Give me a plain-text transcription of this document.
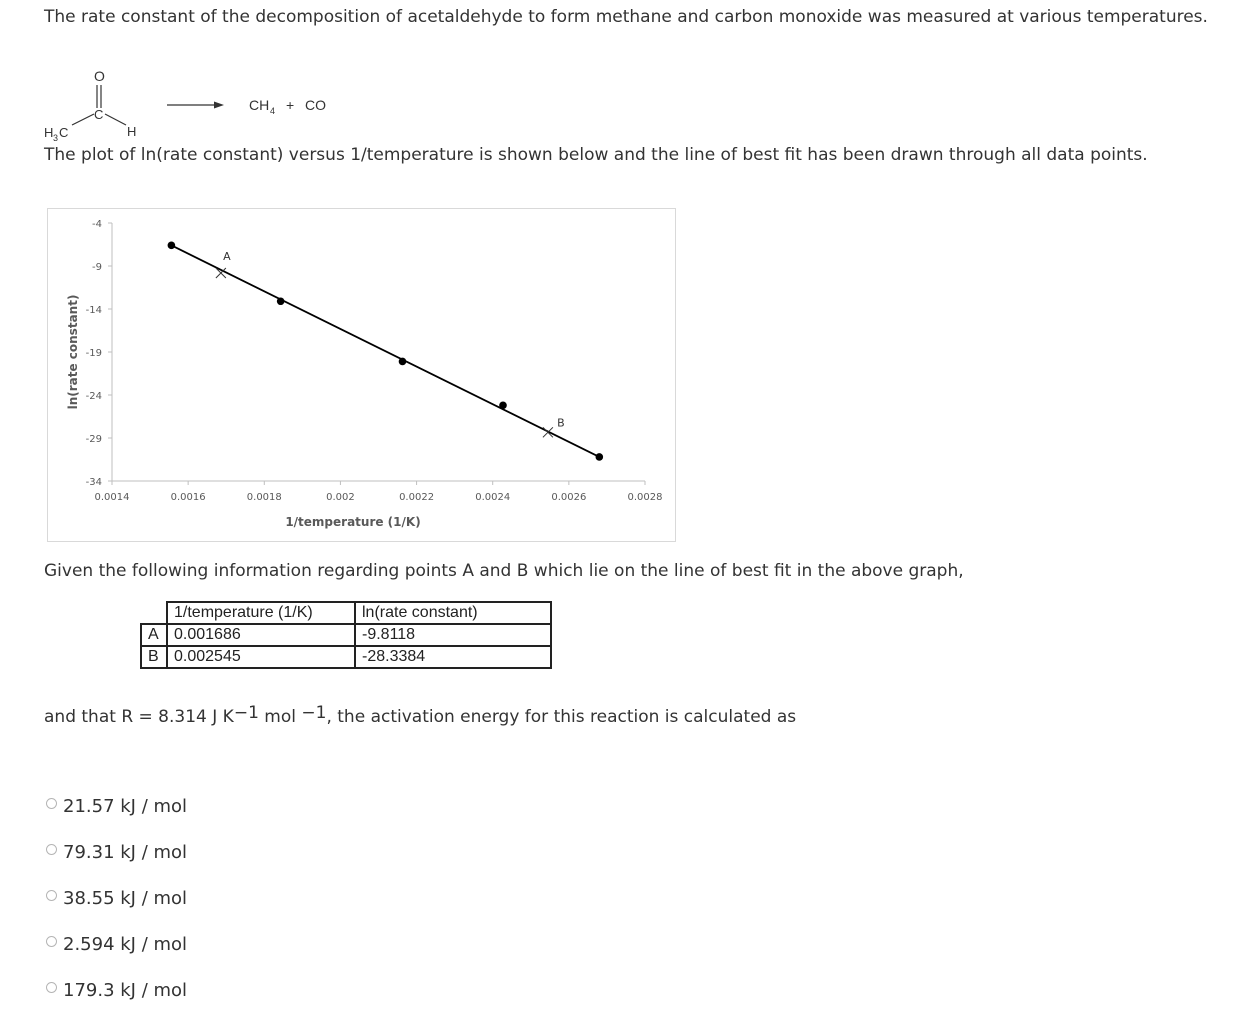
The rate constant of the decomposition of acetaldehyde to form methane and carbon monoxide was measured at various temperatures.
O
C
H 3 C	H
CH 4 + CO
The plot of ln(rate constant) versus 1/temperature is shown below and the line of best fit has been drawn through all data points.
0.0014	0.0016	0.0018	0.002	0.0022	0.0024	0.0026	0.0028
-4
-9
-14
-19
-24
-29
-34
A
B
1/temperature (1/K)
ln(rate constant)
Given the following information regarding points A and B which lie on the line of best fit in the above graph,
	1/temperature (1/K)	ln(rate constant)
A	0.001686	-9.8118
B	0.002545	-28.3384
and that R = 8.314 J $K^{-1}$ mol $^{-1}$, the activation energy for this reaction is calculated as
21.57 kJ / mol
79.31 kJ / mol
38.55 kJ / mol
2.594 kJ / mol
179.3 kJ / mol
